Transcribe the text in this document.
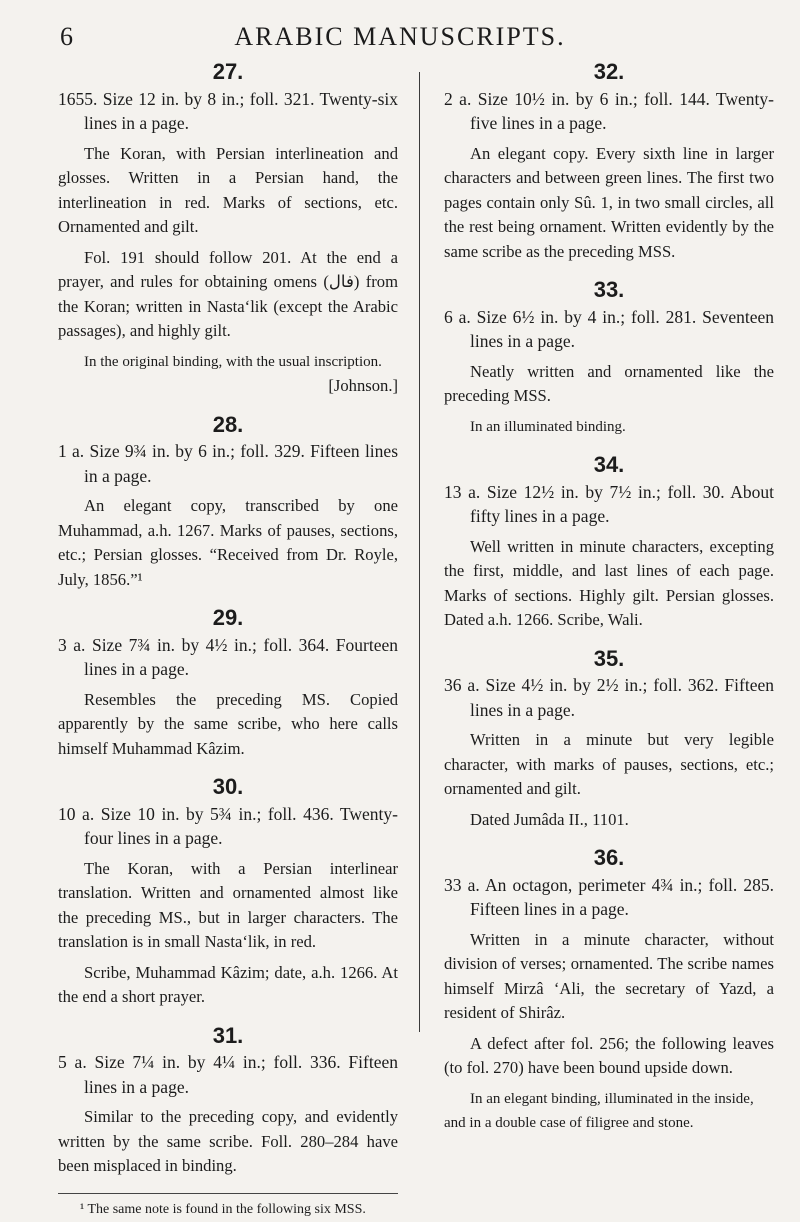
6	ARABIC MANUSCRIPTS.
27.

1655. Size 12 in. by 8 in.; foll. 321. Twenty-six lines in a page.

The Koran, with Persian interlineation and glosses. Written in a Persian hand, the interlineation in red. Marks of sections, etc. Ornamented and gilt.

Fol. 191 should follow 201. At the end a prayer, and rules for obtaining omens (فال) from the Koran; written in Nasta‘lik (except the Arabic passages), and highly gilt.

In the original binding, with the usual inscription.

[Johnson.]
28.

1 a. Size 9¾ in. by 6 in.; foll. 329. Fifteen lines in a page.

An elegant copy, transcribed by one Muhammad, a.h. 1267. Marks of pauses, sections, etc.; Persian glosses. “Received from Dr. Royle, July, 1856.”¹

29.

3 a. Size 7¾ in. by 4½ in.; foll. 364. Fourteen lines in a page.

Resembles the preceding MS. Copied apparently by the same scribe, who here calls himself Muhammad Kâzim.

30.

10 a. Size 10 in. by 5¾ in.; foll. 436. Twenty-four lines in a page.

The Koran, with a Persian interlinear translation. Written and ornamented almost like the preceding MS., but in larger characters. The translation is in small Nasta‘lik, in red.

Scribe, Muhammad Kâzim; date, a.h. 1266. At the end a short prayer.

31.

5 a. Size 7¼ in. by 4¼ in.; foll. 336. Fifteen lines in a page.

Similar to the preceding copy, and evidently written by the same scribe. Foll. 280–284 have been misplaced in binding.

¹ The same note is found in the following six MSS.

32.

2 a. Size 10½ in. by 6 in.; foll. 144. Twenty-five lines in a page.

An elegant copy. Every sixth line in larger characters and between green lines. The first two pages contain only Sû. 1, in two small circles, all the rest being ornament. Written evidently by the same scribe as the preceding MSS.

33.

6 a. Size 6½ in. by 4 in.; foll. 281. Seventeen lines in a page.

Neatly written and ornamented like the preceding MSS.

In an illuminated binding.

34.

13 a. Size 12½ in. by 7½ in.; foll. 30. About fifty lines in a page.

Well written in minute characters, excepting the first, middle, and last lines of each page. Marks of sections. Highly gilt. Persian glosses. Dated a.h. 1266. Scribe, Wali.

35.

36 a. Size 4½ in. by 2½ in.; foll. 362. Fifteen lines in a page.

Written in a minute but very legible character, with marks of pauses, sections, etc.; ornamented and gilt.

Dated Jumâda II., 1101.

36.

33 a. An octagon, perimeter 4¾ in.; foll. 285. Fifteen lines in a page.

Written in a minute character, without division of verses; ornamented. The scribe names himself Mirzâ ‘Ali, the secretary of Yazd, a resident of Shirâz.

A defect after fol. 256; the following leaves (to fol. 270) have been bound upside down.

In an elegant binding, illuminated in the inside, and in a double case of filigree and stone.
